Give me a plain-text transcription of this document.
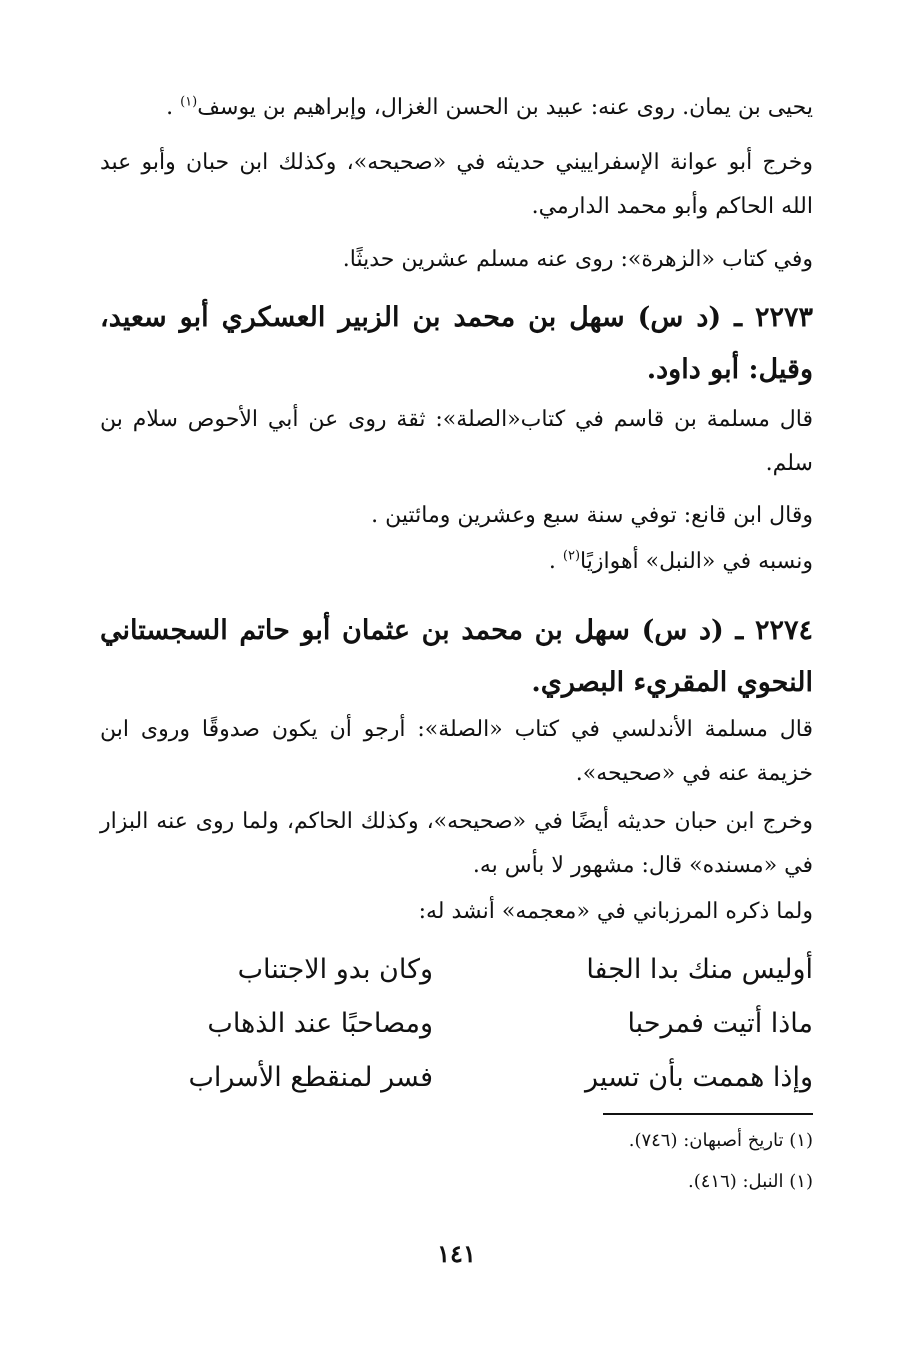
يحيى بن يمان. روى عنه: عبيد بن الحسن الغزال، وإبراهيم بن يوسف$^{(١)}$ .
وخرج أبو عوانة الإسفراييني حديثه في «صحيحه»، وكذلك ابن حبان وأبو عبد الله الحاكم وأبو محمد الدارمي.
وفي كتاب «الزهرة»: روى عنه مسلم عشرين حديثًا.
٢٢٧٣ ـ (د س) سهل بن محمد بن الزبير العسكري أبو سعيد، وقيل: أبو داود.
قال مسلمة بن قاسم في كتاب«الصلة»: ثقة روى عن أبي الأحوص سلام بن سلم.
وقال ابن قانع: توفي سنة سبع وعشرين ومائتين .
ونسبه في «النبل» أهوازيًا$^{(٢)}$ .
٢٢٧٤ ـ (د س) سهل بن محمد بن عثمان أبو حاتم السجستاني النحوي المقريء البصري.
قال مسلمة الأندلسي في كتاب «الصلة»: أرجو أن يكون صدوقًا وروى ابن خزيمة عنه في «صحيحه».
وخرج ابن حبان حديثه أيضًا في «صحيحه»، وكذلك الحاكم، ولما روى عنه البزار في «مسنده» قال: مشهور لا بأس به.
ولما ذكره المرزباني في «معجمه» أنشد له:
أوليس منك بدا الجفا
وكان بدو الاجتناب
ماذا أتيت فمرحبا
ومصاحبًا عند الذهاب
وإذا هممت بأن تسير
فسر لمنقطع الأسراب
(١) تاريخ أصبهان: (٧٤٦).
(١) النبل: (٤١٦).
١٤١
